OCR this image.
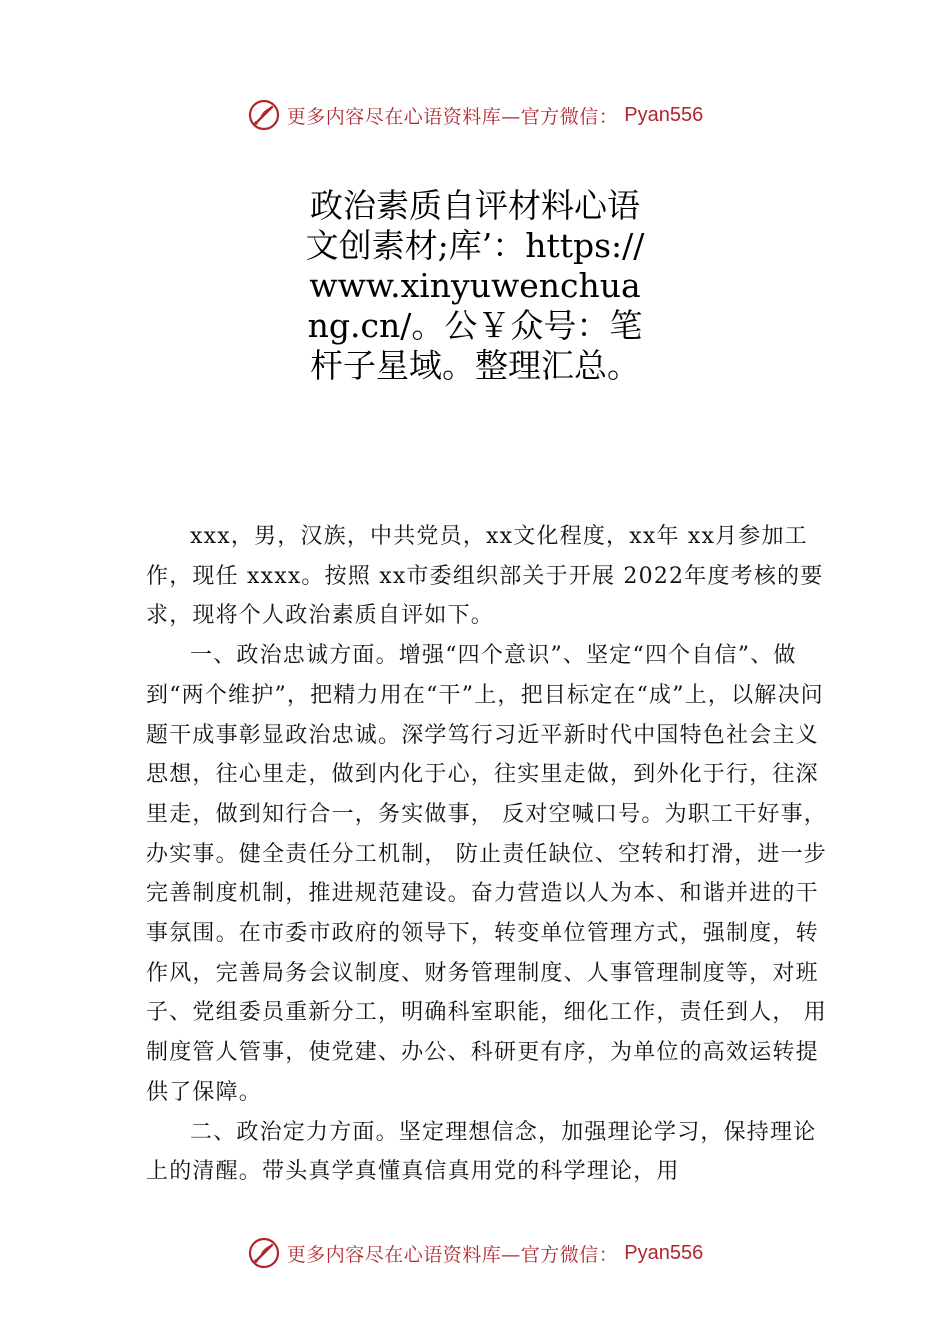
更多内容尽在心语资料库—官方微信： Pyan556
政治素质自评材料心语文创素材;库’：https://www.xinyuwenchuang.cn/。公￥众号：笔杆子星域。整理汇总。

xxx，男，汉族，中共党员，xx文化程度，xx年 xx月参加工作，现任 xxxx。按照 xx市委组织部关于开展 2022年度考核的要求，现将个人政治素质自评如下。

一、政治忠诚方面。增强“四个意识”、坚定“四个自信”、做到“两个维护”，把精力用在“干”上，把目标定在“成”上，以解决问题干成事彰显政治忠诚。深学笃行习近平新时代中国特色社会主义思想，往心里走，做到内化于心，往实里走做，到外化于行，往深里走，做到知行合一，务实做事， 反对空喊口号。为职工干好事，办实事。健全责任分工机制， 防止责任缺位、空转和打滑，进一步完善制度机制，推进规范建设。奋力营造以人为本、和谐并进的干事氛围。在市委市政府的领导下，转变单位管理方式，强制度，转作风，完善局务会议制度、财务管理制度、人事管理制度等，对班子、党组委员重新分工，明确科室职能，细化工作，责任到人， 用制度管人管事，使党建、办公、科研更有序，为单位的高效运转提供了保障。

二、政治定力方面。坚定理想信念，加强理论学习，保持理论上的清醒。带头真学真懂真信真用党的科学理论，用

更多内容尽在心语资料库—官方微信： Pyan556
